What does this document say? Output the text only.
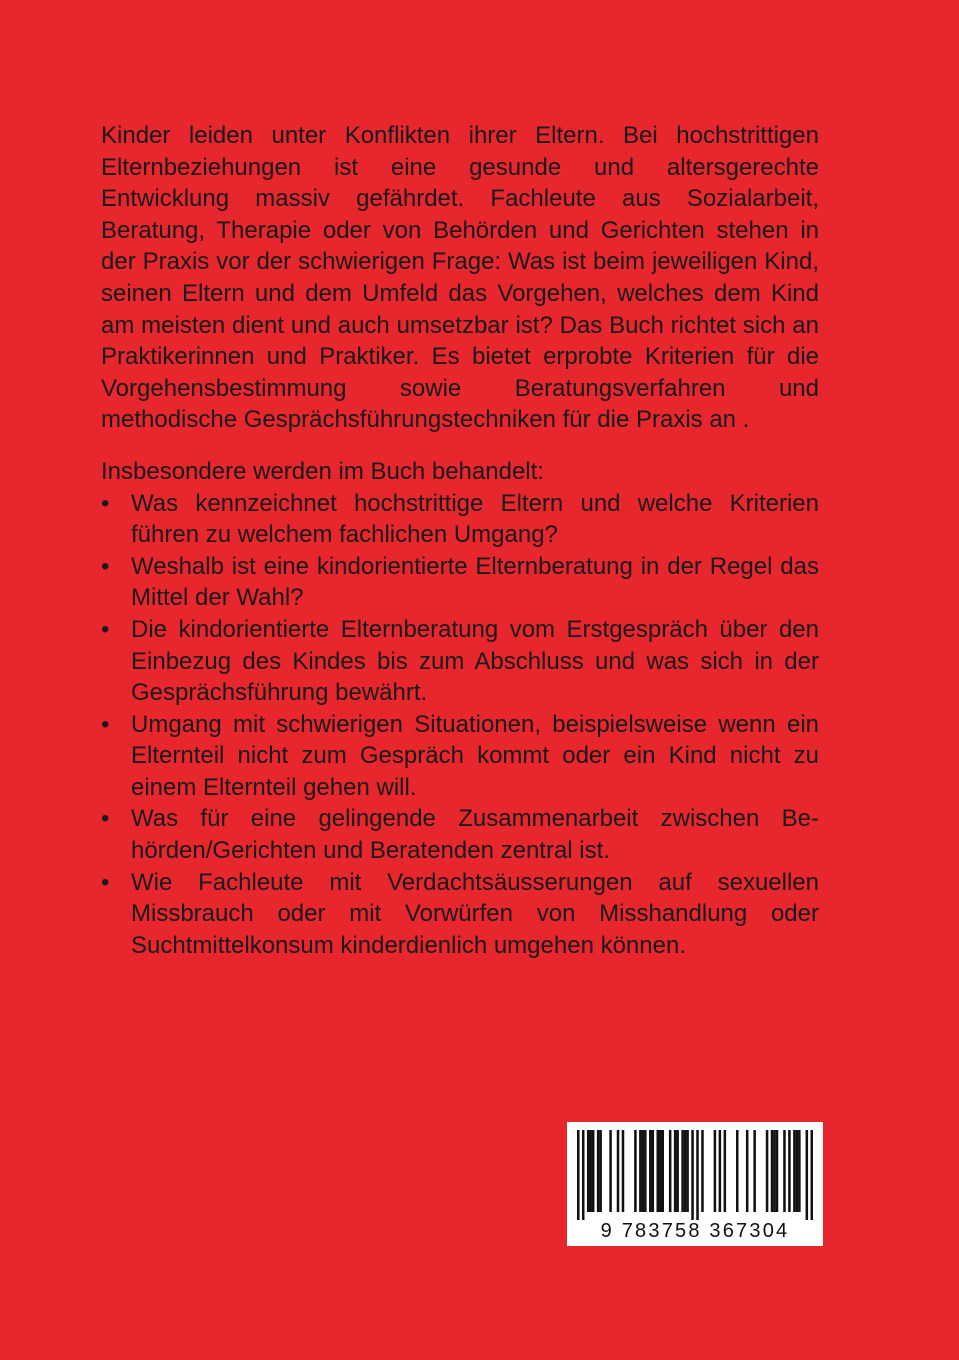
Kinder leiden unter Konflikten ihrer Eltern. Bei hochstrittigen Elternbeziehungen ist eine gesunde und altersgerechte Entwicklung massiv gefährdet. Fachleute aus Sozialarbeit, Beratung, Therapie oder von Behörden und Gerichten stehen in der Praxis vor der schwierigen Frage: Was ist beim jeweiligen Kind, seinen Eltern und dem Umfeld das Vorgehen, welches dem Kind am meisten dient und auch umsetzbar ist? Das Buch richtet sich an Praktikerinnen und Praktiker. Es bietet erprobte Kriterien für die Vorgehensbestimmung sowie Beratungsverfahren und methodische Gesprächsführungstechniken für die Praxis an .

Insbesondere werden im Buch behandelt:

• Was kennzeichnet hochstrittige Eltern und welche Kriterien führen zu welchem fachlichen Umgang?
• Weshalb ist eine kindorientierte Elternberatung in der Regel das Mittel der Wahl?
• Die kindorientierte Elternberatung vom Erstgespräch über den Einbezug des Kindes bis zum Abschluss und was sich in der Gesprächsführung bewährt.
• Umgang mit schwierigen Situationen, beispielsweise wenn ein Elternteil nicht zum Gespräch kommt oder ein Kind nicht zu einem Elternteil gehen will.
• Was für eine gelingende Zusammenarbeit zwischen Behörden/Gerichten und Beratenden zentral ist.
• Wie Fachleute mit Verdachtsäusserungen auf sexuellen Missbrauch oder mit Vorwürfen von Misshandlung oder Suchtmittelkonsum kinderdienlich umgehen können.
9 783758 367304
